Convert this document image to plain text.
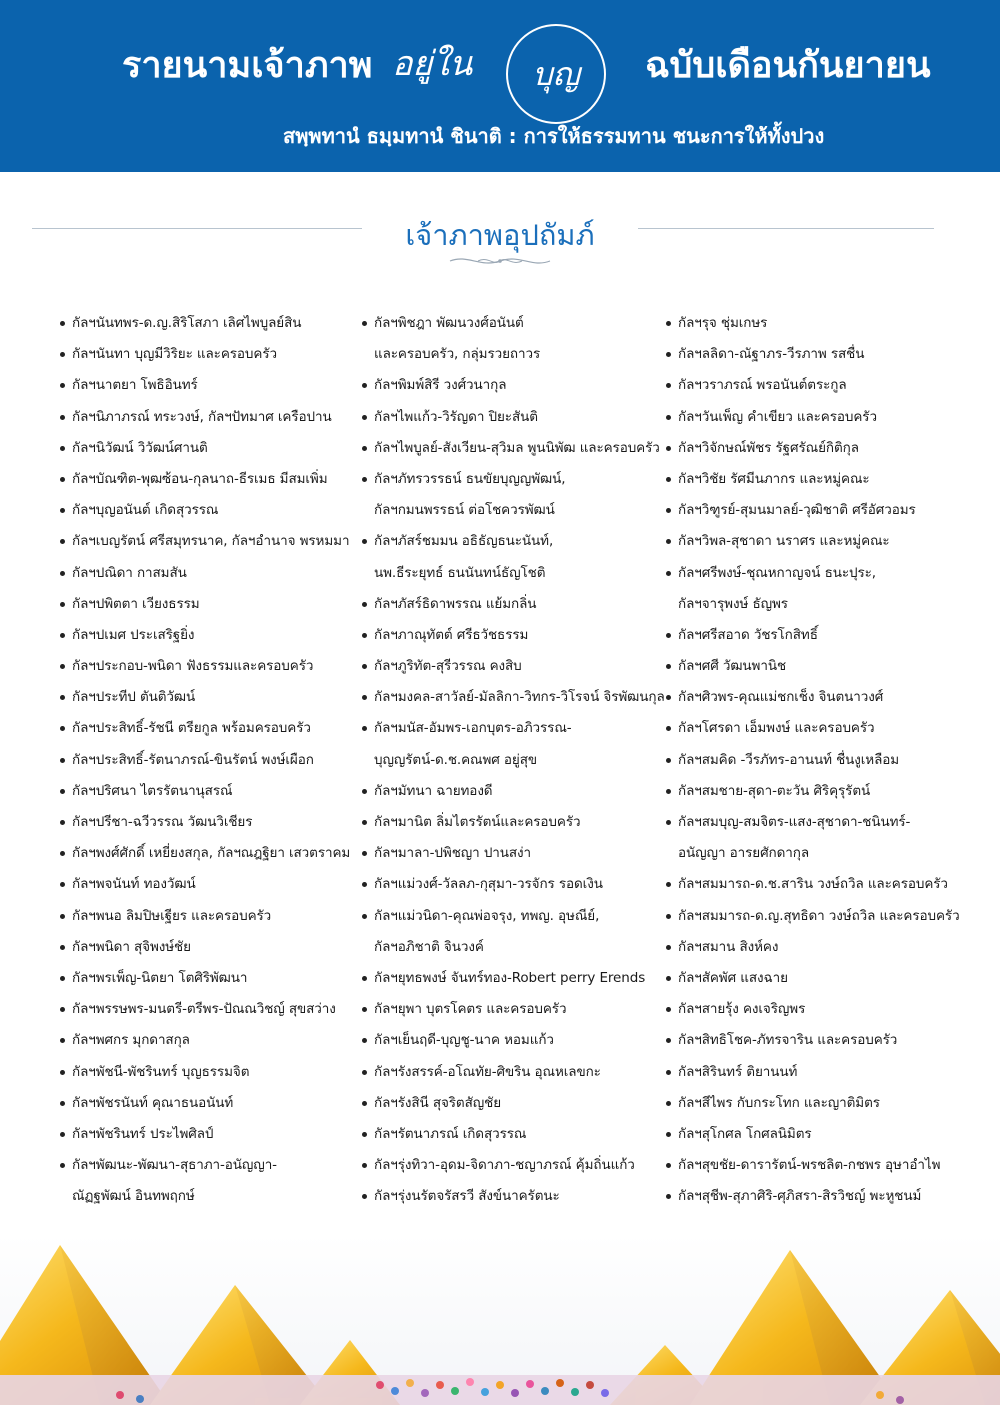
รายนามเจ้าภาพ อยู่ใน บุญ ฉบับเดือนกันยายน
สพฺพทานํ ธมฺมทานํ ชินาติ : การให้ธรรมทาน ชนะการให้ทั้งปวง
เจ้าภาพอุปถัมภ์
กัลฯนันทพร-ด.ญ.สิริโสภา เลิศไพบูลย์สิน
กัลฯนันทา บุญมีวิริยะ และครอบครัว
กัลฯนาตยา โพธิอินทร์
กัลฯนิภาภรณ์ ทระวงษ์, กัลฯปัทมาศ เครือปาน
กัลฯนิวัฒน์ วิวัฒน์ศานติ
กัลฯบัณฑิต-พุฒซ้อน-กุลนาถ-ธีรเมธ มีสมเพิ่ม
กัลฯบุญอนันต์ เกิดสุวรรณ
กัลฯเบญรัตน์ ศรีสมุทรนาค, กัลฯอำนาจ พรหมมา
กัลฯปณิดา กาสมสัน
กัลฯปพิตตา เวียงธรรม
กัลฯปเมศ ประเสริฐยิ่ง
กัลฯประกอบ-พนิดา ฟังธรรมและครอบครัว
กัลฯประทีป ตันติวัฒน์
กัลฯประสิทธิ์-รัชนี ตรียกูล พร้อมครอบครัว
กัลฯประสิทธิ์-รัตนาภรณ์-ขินรัตน์ พงษ์เผือก
กัลฯปริศนา ไตรรัตนานุสรณ์
กัลฯปรีชา-ฉวีวรรณ วัฒนวิเชียร
กัลฯพงศ์ศักดิ์ เหยี่ยงสกุล, กัลฯณฎฐิยา เสวตราคม
กัลฯพจนันท์ ทองวัฒน์
กัลฯพนอ ลิมปิษเฐียร และครอบครัว
กัลฯพนิดา สุจิพงษ์ชัย
กัลฯพรเพ็ญ-นิตยา โตศิริพัฒนา
กัลฯพรรษพร-มนตรี-ตรีพร-ปัณณวิชญ์ สุขสว่าง
กัลฯพศกร มุกดาสกุล
กัลฯพัชนี-พัชรินทร์ บุญธรรมจิต
กัลฯพัชรนันท์ คุณาธนอนันท์
กัลฯพัชรินทร์ ประไพศิลป์
กัลฯพัฒนะ-พัฒนา-สุธาภา-อนัญญา-
ณัฏฐพัฒน์ อินทพฤกษ์
กัลฯพิชฎา พัฒนวงศ์อนันต์
และครอบครัว, กลุ่มรวยถาวร
กัลฯพิมพ์สิรี วงศ์วนากุล
กัลฯไพแก้ว-วิรัญดา ปิยะสันติ
กัลฯไพบูลย์-สังเวียน-สุวิมล พูนนิพัฒ และครอบครัว
กัลฯภัทรวรรธน์ ธนขัยบุญญพัฒน์,
กัลฯกมนพรรธน์ ต่อโชควรพัฒน์
กัลฯภัสร์ชมมน อธิธัญธนะนันท์,
นพ.ธีระยุทธ์ ธนนันทน์ธัญโชติ
กัลฯภัสร์ธิดาพรรณ แย้มกลิ่น
กัลฯภาณุทัตต์ ศรีธวัชธรรม
กัลฯภูริทัต-สุรีวรรณ คงสิบ
กัลฯมงคล-สาวัลย์-มัลลิกา-วิทกร-วิโรจน์ จิรพัฒนกุล
กัลฯมนัส-อัมพร-เอกบุตร-อภิวรรณ-
บุญญรัตน์-ด.ช.คณพศ อยู่สุข
กัลฯมัทนา ฉายทองดี
กัลฯมานิต ลิ่มไตรรัตน์และครอบครัว
กัลฯมาลา-ปพิชญา ปานสง่า
กัลฯแม่วงศ์-วัลลภ-กุสุมา-วรจักร รอดเงิน
กัลฯแม่วนิดา-คุณพ่อจรุง, ทพญ. อุษณีย์,
กัลฯอภิชาติ จินวงค์
กัลฯยุทธพงษ์ จันทร์ทอง-Robert perry Erends
กัลฯยุพา บุตรโคตร และครอบครัว
กัลฯเย็นฤดี-บุญชู-นาค หอมแก้ว
กัลฯรังสรรค์-อโณทัย-ศิขริน อุณหเลขกะ
กัลฯรังสินี สุจริตสัญชัย
กัลฯรัตนาภรณ์ เกิดสุวรรณ
กัลฯรุ่งทิวา-อุดม-จิดาภา-ชญาภรณ์ คุ้มถิ่นแก้ว
กัลฯรุ่งนรัตจรัสรวี สังข์นาครัตนะ
กัลฯรุจ ชุ่มเกษร
กัลฯลลิดา-ณัฐาภร-วีรภาพ รสชื่น
กัลฯวราภรณ์ พรอนันต์ตระกูล
กัลฯวันเพ็ญ คำเขียว และครอบครัว
กัลฯวิจักษณ์พัชร รัฐศรัณย์กิติกุล
กัลฯวิชัย รัศมีนภากร และหมู่คณะ
กัลฯวิฑูรย์-สุมนมาลย์-วุฒิชาติ ศรีอัศวอมร
กัลฯวิพล-สุชาดา นราศร และหมู่คณะ
กัลฯศรีพงษ์-ชุณหกาญจน์ ธนะปุระ,
กัลฯจารุพงษ์ ธัญพร
กัลฯศรีสอาด วัชรโกสิทธิ์
กัลฯศศี วัฒนพานิช
กัลฯศิวพร-คุณแม่ชกเช็ง จินตนาวงศ์
กัลฯโศรดา เอ็มพงษ์ และครอบครัว
กัลฯสมคิด -วีรภัทร-อานนท์ ชื่นงูเหลือม
กัลฯสมชาย-สุดา-ตะวัน ศิริคุรุรัตน์
กัลฯสมบุญ-สมจิตร-แสง-สุชาดา-ชนินทร์-
อนัญญา อารยศักดากุล
กัลฯสมมารถ-ด.ช.สาริน วงษ์ถวิล และครอบครัว
กัลฯสมมารถ-ด.ญ.สุทธิดา วงษ์ถวิล และครอบครัว
กัลฯสมาน สิงห์คง
กัลฯสัคพัศ แสงฉาย
กัลฯสายรุ้ง คงเจริญพร
กัลฯสิทธิโชค-ภัทรจาริน และครอบครัว
กัลฯสิรินทร์ ติยานนท์
กัลฯสีไพร กับกระโทก และญาติมิตร
กัลฯสุโกศล โกศลนิมิตร
กัลฯสุขชัย-ดารารัตน์-พรชลิต-กชพร อุษาอำไพ
กัลฯสุชีพ-สุภาศิริ-ศุภิสรา-สิรวิชญ์ พะหูชนม์
